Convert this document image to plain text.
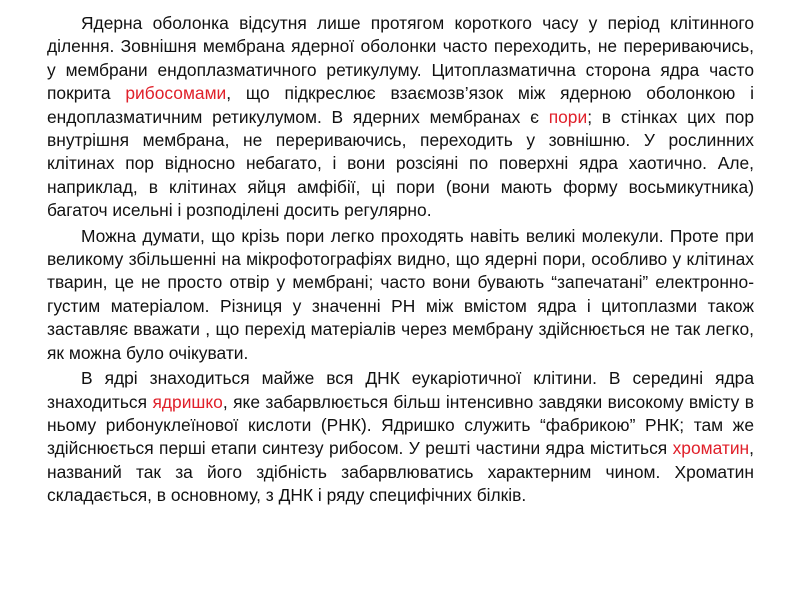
Ядерна оболонка відсутня лише протягом короткого часу у період клітинного ділення. Зовнішня мембрана ядерної оболонки часто переходить, не перериваючись, у мембрани ендоплазматичного ретикулуму. Цитоплазматична сторона ядра часто покрита рибосомами, що підкреслює взаємозв’язок між ядерною оболонкою і ендоплазматичним ретикулумом. В ядерних мембранах є пори; в стінках цих пор внутрішня мембрана, не перериваючись, переходить у зовнішню. У рослинних клітинах пор відносно небагато, і вони розсіяні по поверхні ядра хаотично. Але, наприклад, в клітинах яйця амфібії, ці пори (вони мають форму восьмикутника) багаточ исельні і розподілені досить регулярно.

Можна думати, що крізь пори легко проходять навіть великі молекули. Проте при великому збільшенні на мікрофотографіях видно, що ядерні пори, особливо у клітинах тварин, це не просто отвір у мембрані; часто вони бувають “запечатані” електронно-густим матеріалом. Різниця у значенні PH між вмістом ядра і цитоплазми також заставляє вважати , що перехід матеріалів через мембрану здійснюється не так легко, як можна було очікувати.

В ядрі знаходиться майже вся ДНК еукаріотичної клітини. В середині ядра знаходиться ядришко, яке забарвлюється більш інтенсивно завдяки високому вмісту в ньому рибонуклеїнової кислоти (РНК). Ядришко служить “фабрикою” РНК; там же здійснюється перші етапи синтезу рибосом. У решті частини ядра міститься хроматин, названий так за його здібність забарвлюватись характерним чином. Хроматин складається, в основному, з ДНК і ряду специфічних білків.
